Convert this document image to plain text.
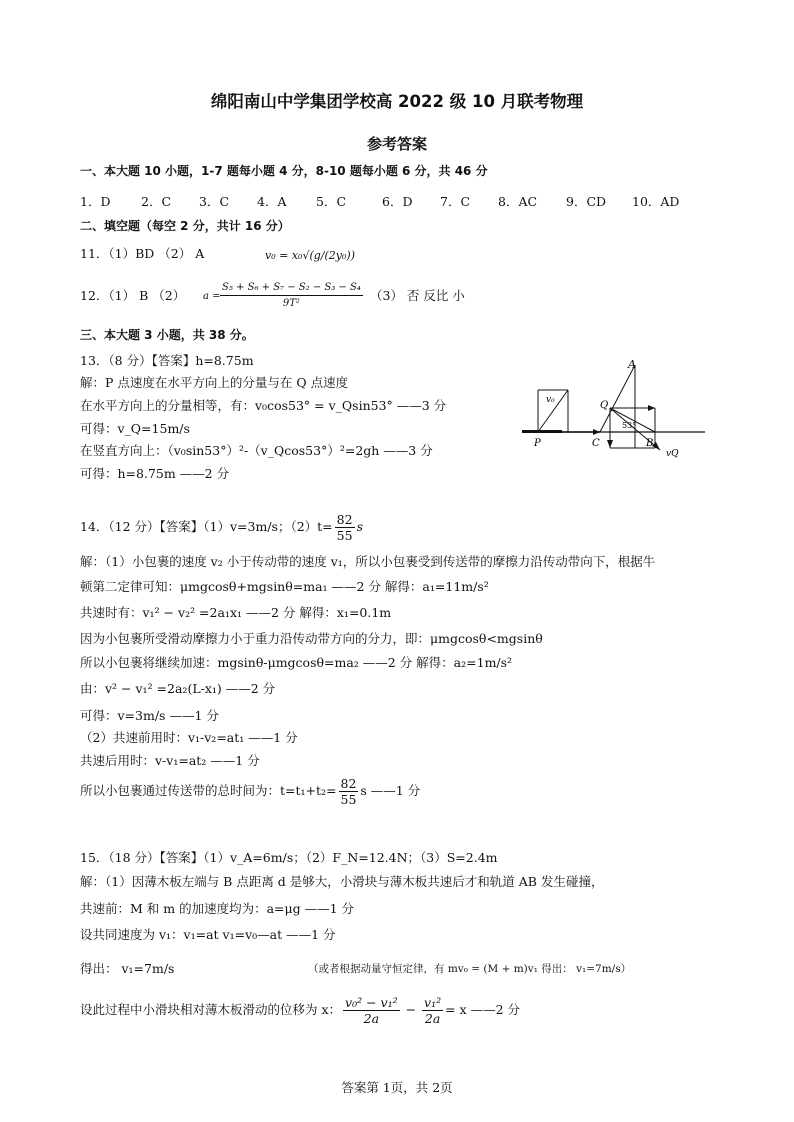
绵阳南山中学集团学校高 2022 级 10 月联考物理
参考答案
一、本大题 10 小题，1-7 题每小题 4 分，8-10 题每小题 6 分，共 46 分
1．D 2．C 3．C 4．A 5．C	6．D 7．C 8．AC 9．CD 10．AD
二、填空题（每空 2 分，共计 16 分）
11．（1）BD （2） A	v₀ = x₀√(g/(2y₀))
12．（1） B （2） $a = \frac{\text{S₅ + S₆ + S₇ − S₂ − S₃ − S₄}}{\text{9T²}} (3)$ 否 反比 小
三、本大题 3 小题，共 38 分。
13．（8 分）【答案】h=8.75m
解：P 点速度在水平方向上的分量与在 Q 点速度
在水平方向上的分量相等，有：v₀cos53° = v_Qsin53° ——3 分
可得：v_Q=15m/s
在竖直方向上：（v₀sin53°）²-（v_Qcos53°）²=2gh ——3 分
可得：h=8.75m ——2 分
A
Q
53°
C	B
P
v₀
vQ
14．（12 分）【答案】（1）v=3m/s；$(2)t= \frac{82}{55}$ s
解：（1）小包裹的速度 v₂ 小于传动带的速度 v₁，所以小包裹受到传送带的摩擦力沿传动带向下，根据牛
顿第二定律可知：μmgcosθ+mgsinθ=ma₁ ——2 分 解得：a₁=11m/s²
共速时有：v₁² − v₂² =2a₁x₁ ——2 分 解得：x₁=0.1m
因为小包裹所受滑动摩擦力小于重力沿传动带方向的分力，即：μmgcosθ<mgsinθ
所以小包裹将继续加速：mgsinθ-μmgcosθ=ma₂ ——2 分 解得：a₂=1m/s²
由：v² − v₁² =2a₂(L-x₁) ——2 分
可得：v=3m/s ——1 分
（2）共速前用时：v₁-v₂=at₁ ——1 分
共速后用时：v-v₁=at₂ ——1 分
所以小包裹通过传送带的总时间为：$t=t_1+t_2= \frac{82}{55}$ s ——1 分
15．（18 分）【答案】（1）v_A=6m/s；（2）F_N=12.4N；（3）S=2.4m
解：（1）因薄木板左端与 B 点距离 d 是够大，小滑块与薄木板共速后才和轨道 AB 发生碰撞，
共速前：M 和 m 的加速度均为：a=μg ——1 分
设共同速度为 v₁：v₁=at v₁=v₀—at ——1 分
得出： v₁=7m/s	（或者根据动量守恒定律，有 mv₀ = (M + m)v₁ 得出： v₁=7m/s）
设此过程中小滑块相对薄木板滑动的位移为 x： $\frac{\text{v₀² − v₁²}}{2a} - \frac{\text{v₁²}}{2a} = x$ ——2 分
答案第 1页，共 2页
